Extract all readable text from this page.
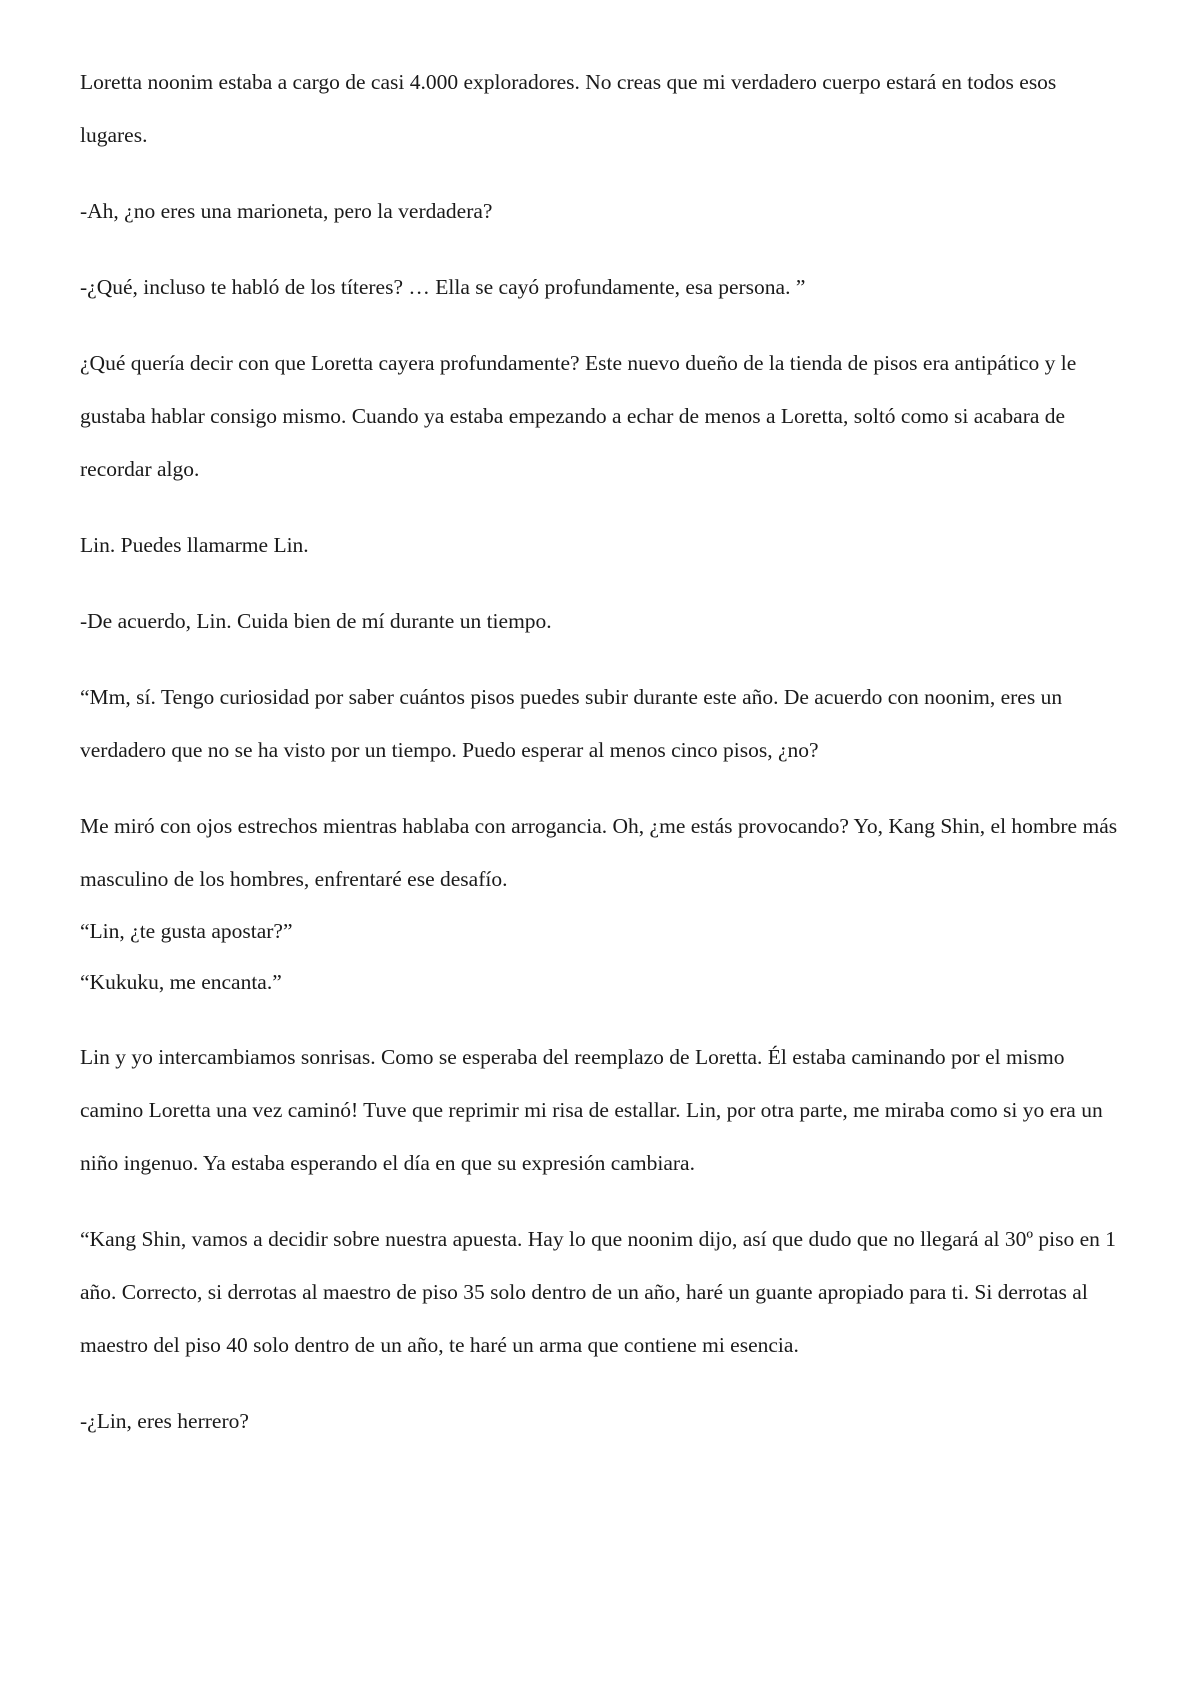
Loretta noonim estaba a cargo de casi 4.000 exploradores. No creas que mi verdadero cuerpo estará en todos esos lugares.

-Ah, ¿no eres una marioneta, pero la verdadera?

-¿Qué, incluso te habló de los títeres? … Ella se cayó profundamente, esa persona. ”

¿Qué quería decir con que Loretta cayera profundamente? Este nuevo dueño de la tienda de pisos era antipático y le gustaba hablar consigo mismo. Cuando ya estaba empezando a echar de menos a Loretta, soltó como si acabara de recordar algo.

Lin. Puedes llamarme Lin.

-De acuerdo, Lin. Cuida bien de mí durante un tiempo.

“Mm, sí. Tengo curiosidad por saber cuántos pisos puedes subir durante este año. De acuerdo con noonim, eres un verdadero que no se ha visto por un tiempo. Puedo esperar al menos cinco pisos, ¿no?

Me miró con ojos estrechos mientras hablaba con arrogancia. Oh, ¿me estás provocando? Yo, Kang Shin, el hombre más masculino de los hombres, enfrentaré ese desafío.

“Lin, ¿te gusta apostar?”

“Kukuku, me encanta.”

Lin y yo intercambiamos sonrisas. Como se esperaba del reemplazo de Loretta. Él estaba caminando por el mismo camino Loretta una vez caminó! Tuve que reprimir mi risa de estallar. Lin, por otra parte, me miraba como si yo era un niño ingenuo. Ya estaba esperando el día en que su expresión cambiara.

“Kang Shin, vamos a decidir sobre nuestra apuesta. Hay lo que noonim dijo, así que dudo que no llegará al 30º piso en 1 año. Correcto, si derrotas al maestro de piso 35 solo dentro de un año, haré un guante apropiado para ti. Si derrotas al maestro del piso 40 solo dentro de un año, te haré un arma que contiene mi esencia.

-¿Lin, eres herrero?
